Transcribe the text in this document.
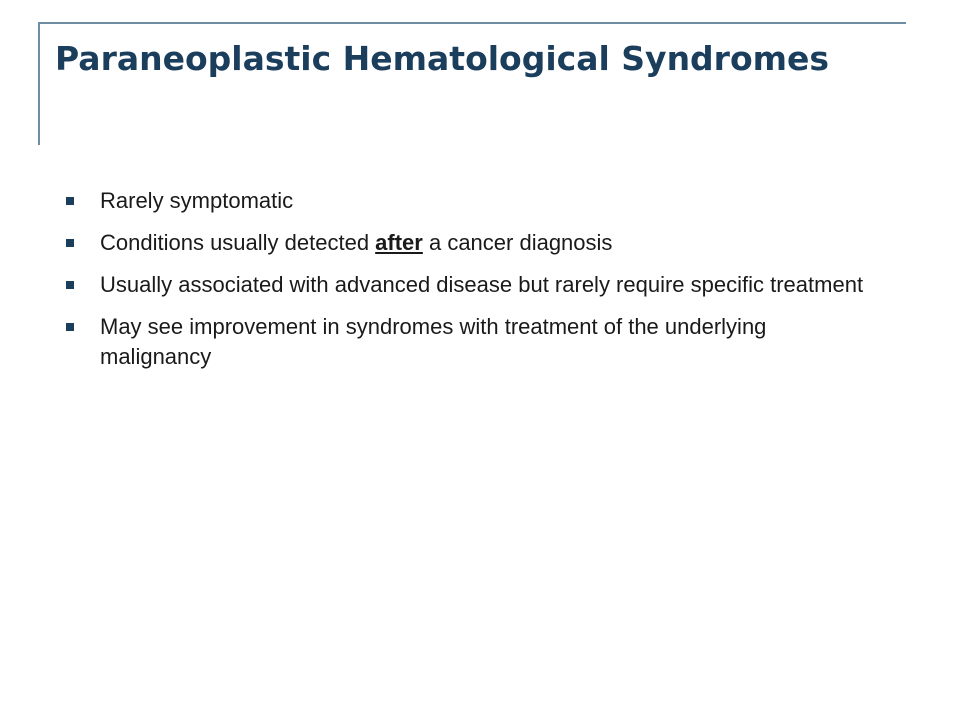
Paraneoplastic Hematological Syndromes
Rarely symptomatic
Conditions usually detected after a cancer diagnosis
Usually associated with advanced disease but rarely require specific treatment
May see improvement in syndromes with treatment of the underlying malignancy
